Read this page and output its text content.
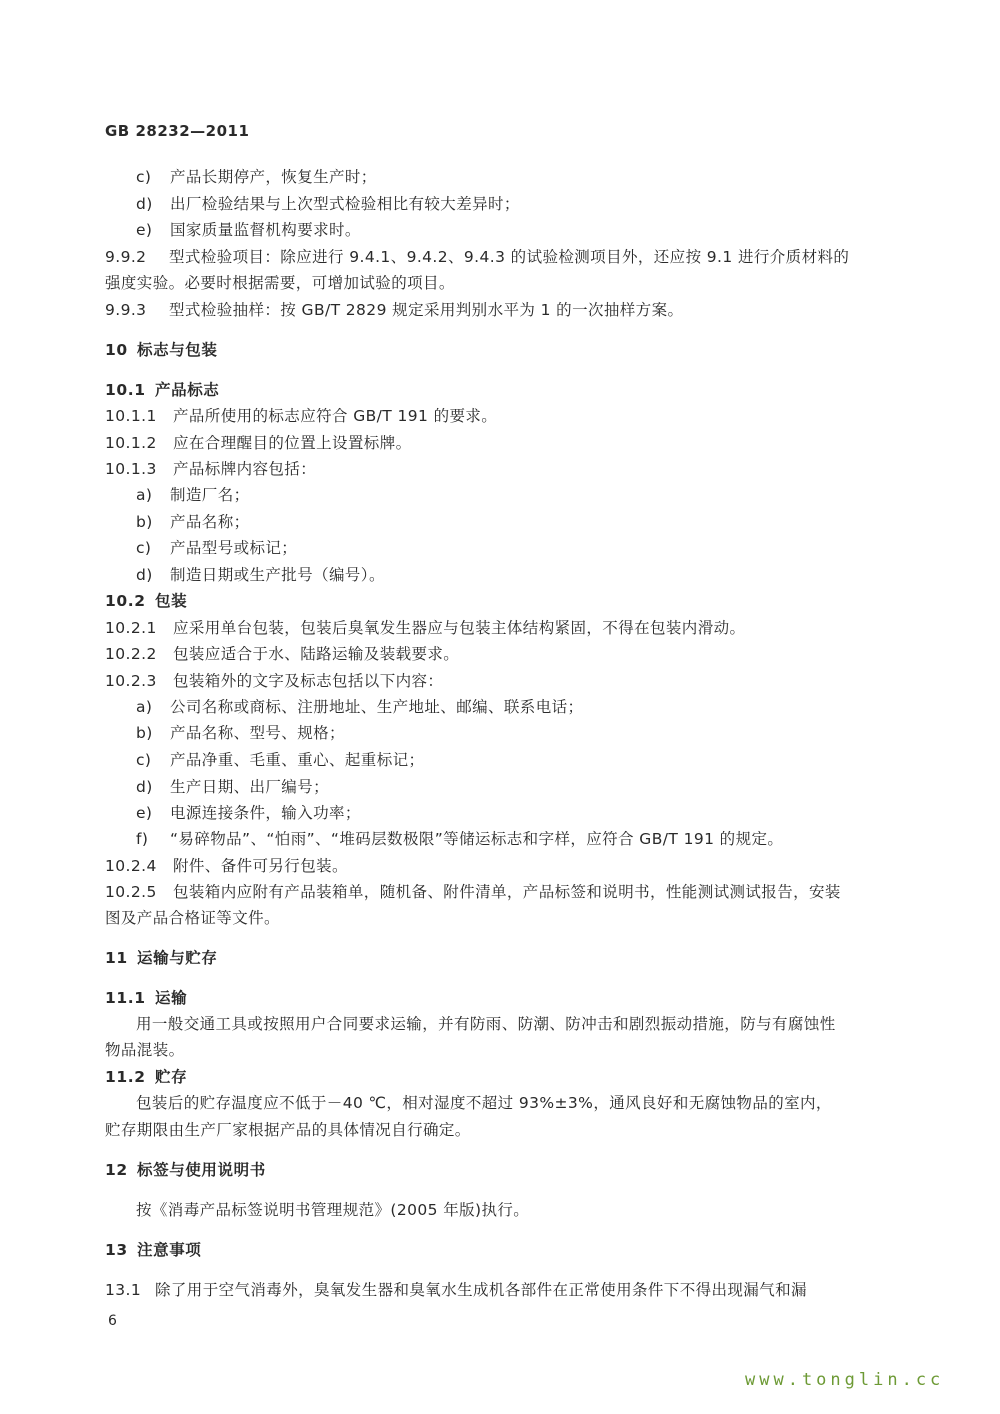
GB 28232—2011
c) 产品长期停产，恢复生产时；
d) 出厂检验结果与上次型式检验相比有较大差异时；
e) 国家质量监督机构要求时。
9.9.2 型式检验项目：除应进行 9.4.1、9.4.2、9.4.3 的试验检测项目外，还应按 9.1 进行介质材料的
强度实验。必要时根据需要，可增加试验的项目。
9.9.3 型式检验抽样：按 GB/T 2829 规定采用判别水平为 1 的一次抽样方案。
10 标志与包装
10.1 产品标志
10.1.1 产品所使用的标志应符合 GB/T 191 的要求。
10.1.2 应在合理醒目的位置上设置标牌。
10.1.3 产品标牌内容包括：
a) 制造厂名；
b) 产品名称；
c) 产品型号或标记；
d) 制造日期或生产批号（编号）。
10.2 包装
10.2.1 应采用单台包装，包装后臭氧发生器应与包装主体结构紧固，不得在包装内滑动。
10.2.2 包装应适合于水、陆路运输及装载要求。
10.2.3 包装箱外的文字及标志包括以下内容：
a) 公司名称或商标、注册地址、生产地址、邮编、联系电话；
b) 产品名称、型号、规格；
c) 产品净重、毛重、重心、起重标记；
d) 生产日期、出厂编号；
e) 电源连接条件，输入功率；
f) “易碎物品”、“怕雨”、“堆码层数极限”等储运标志和字样，应符合 GB/T 191 的规定。
10.2.4 附件、备件可另行包装。
10.2.5 包装箱内应附有产品装箱单，随机备、附件清单，产品标签和说明书，性能测试测试报告，安装
图及产品合格证等文件。
11 运输与贮存
11.1 运输
用一般交通工具或按照用户合同要求运输，并有防雨、防潮、防冲击和剧烈振动措施，防与有腐蚀性
物品混装。
11.2 贮存
包装后的贮存温度应不低于－40 ℃，相对湿度不超过 93%±3%，通风良好和无腐蚀物品的室内，
贮存期限由生产厂家根据产品的具体情况自行确定。
12 标签与使用说明书
按《消毒产品标签说明书管理规范》(2005 年版)执行。
13 注意事项
13.1 除了用于空气消毒外，臭氧发生器和臭氧水生成机各部件在正常使用条件下不得出现漏气和漏
6
www.tonglin.cc
